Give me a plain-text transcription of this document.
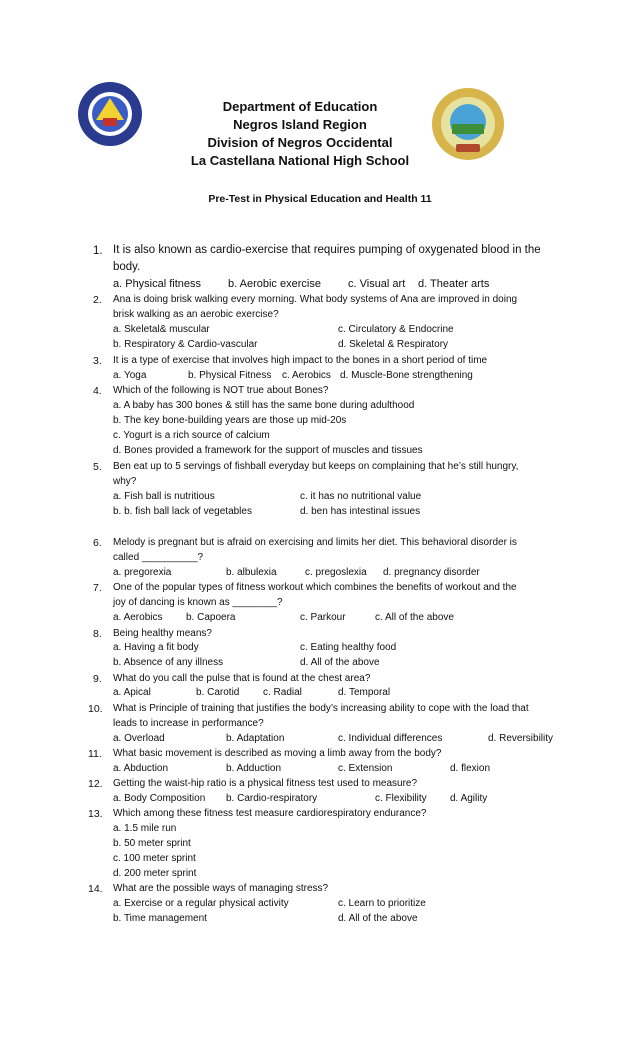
Department of Education
Negros Island Region
Division of Negros Occidental
La Castellana National High School
Pre-Test in Physical Education and Health 11
1. It is also known as cardio-exercise that requires pumping of oxygenated blood in the
body.
a. Physical fitness b. Aerobic exercise c. Visual art d. Theater arts
2. Ana is doing brisk walking every morning. What body systems of Ana are improved in doing
brisk walking as an aerobic exercise?
a. Skeletal& muscular	c. Circulatory & Endocrine
b. Respiratory & Cardio-vascular	d. Skeletal & Respiratory
3. It is a type of exercise that involves high impact to the bones in a short period of time
a. Yoga	b. Physical Fitness c. Aerobics d. Muscle-Bone strengthening
4. Which of the following is NOT true about Bones?
a. A baby has 300 bones & still has the same bone during adulthood
b. The key bone-building years are those up mid-20s
c. Yogurt is a rich source of calcium
d. Bones provided a framework for the support of muscles and tissues
5. Ben eat up to 5 servings of fishball everyday but keeps on complaining that he’s still hungry,
why?
a. Fish ball is nutritious	c. it has no nutritional value
b. b. fish ball lack of vegetables	d. ben has intestinal issues
6. Melody is pregnant but is afraid on exercising and limits her diet. This behavioral disorder is
called __________?
a. pregorexia	b. albulexia	c. pregoslexia d. pregnancy disorder
7. One of the popular types of fitness workout which combines the benefits of workout and the
joy of dancing is known as ________?
a. Aerobics b. Capoera	c. Parkour	c. All of the above
8. Being healthy means?
a. Having a fit body	c. Eating healthy food
b. Absence of any illness	d. All of the above
9. What do you call the pulse that is found at the chest area?
a. Apical	b. Carotid c. Radial	d. Temporal
10. What is Principle of training that justifies the body’s increasing ability to cope with the load that
leads to increase in performance?
a. Overload	b. Adaptation	c. Individual differences	d. Reversibility
11. What basic movement is described as moving a limb away from the body?
a. Abduction	b. Adduction	c. Extension	d. flexion
12. Getting the waist-hip ratio is a physical fitness test used to measure?
a. Body Composition b. Cardio-respiratory	c. Flexibility d. Agility
13. Which among these fitness test measure cardiorespiratory endurance?
a. 1.5 mile run
b. 50 meter sprint
c. 100 meter sprint
d. 200 meter sprint
14. What are the possible ways of managing stress?
a. Exercise or a regular physical activity	c. Learn to prioritize
b. Time management	d. All of the above
